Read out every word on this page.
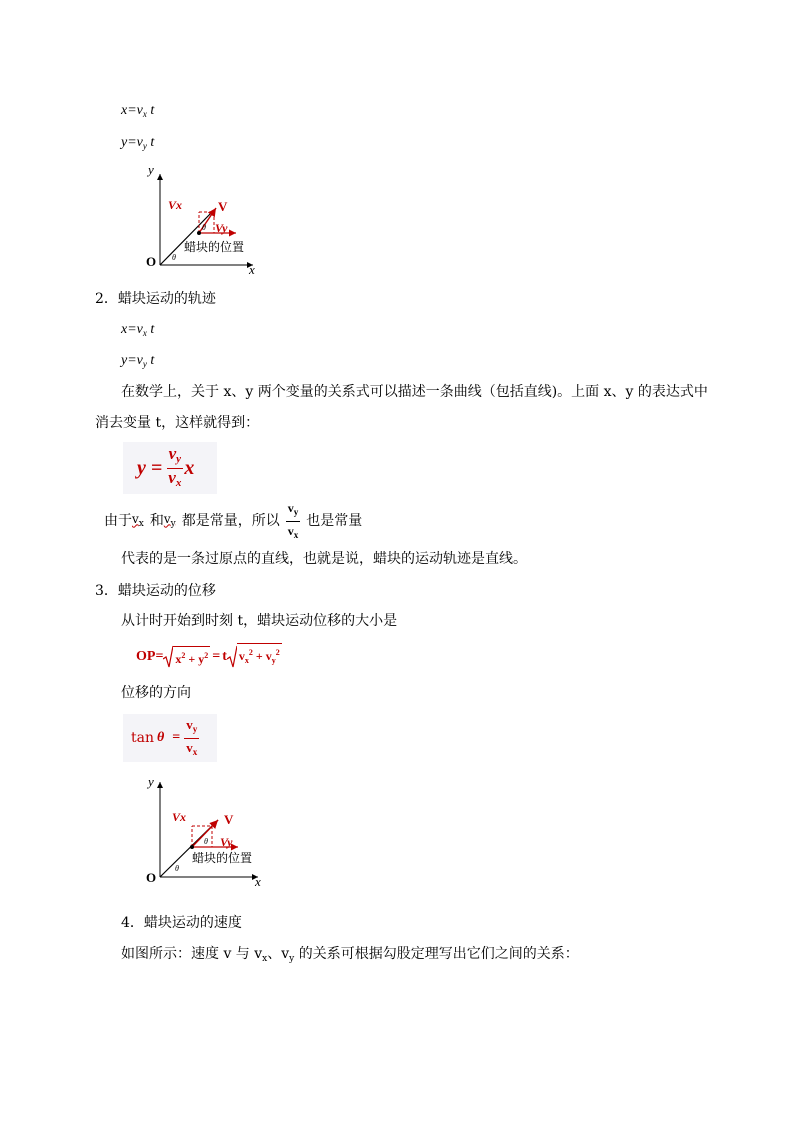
$x=v_x$ t
$y=v_y$ t
y
x
O
Vx	V
Vy
θ
θ
蜡块的位置
2．蜡块运动的轨迹
$x=v_x$ t
$y=v_y$ t
在数学上，关于 x、y 两个变量的关系式可以描述一条曲线（包括直线)。上面 x、y 的表达式中
消去变量 t，这样就得到：
$y = \frac{v_y}{v_x}$ x
由于 $v_x$ 和 $v_y$ 都是常量，所以 $\frac{v_y}{v_x}$ 也是常量
代表的是一条过原点的直线，也就是说，蜡块的运动轨迹是直线。
3．蜡块运动的位移
从计时开始到时刻 t，蜡块运动位移的大小是
$OP= x^2 + y^2 = t$ $v_x^2 + v_y^2$
位移的方向
$\tan \theta = \frac{v_y}{v_x}$
y
x
O
Vx	V
Vy
θ
θ
蜡块的位置
4．蜡块运动的速度
如图所示：速度 v 与 $v_x$、$v_y$ 的关系可根据勾股定理写出它们之间的关系：
